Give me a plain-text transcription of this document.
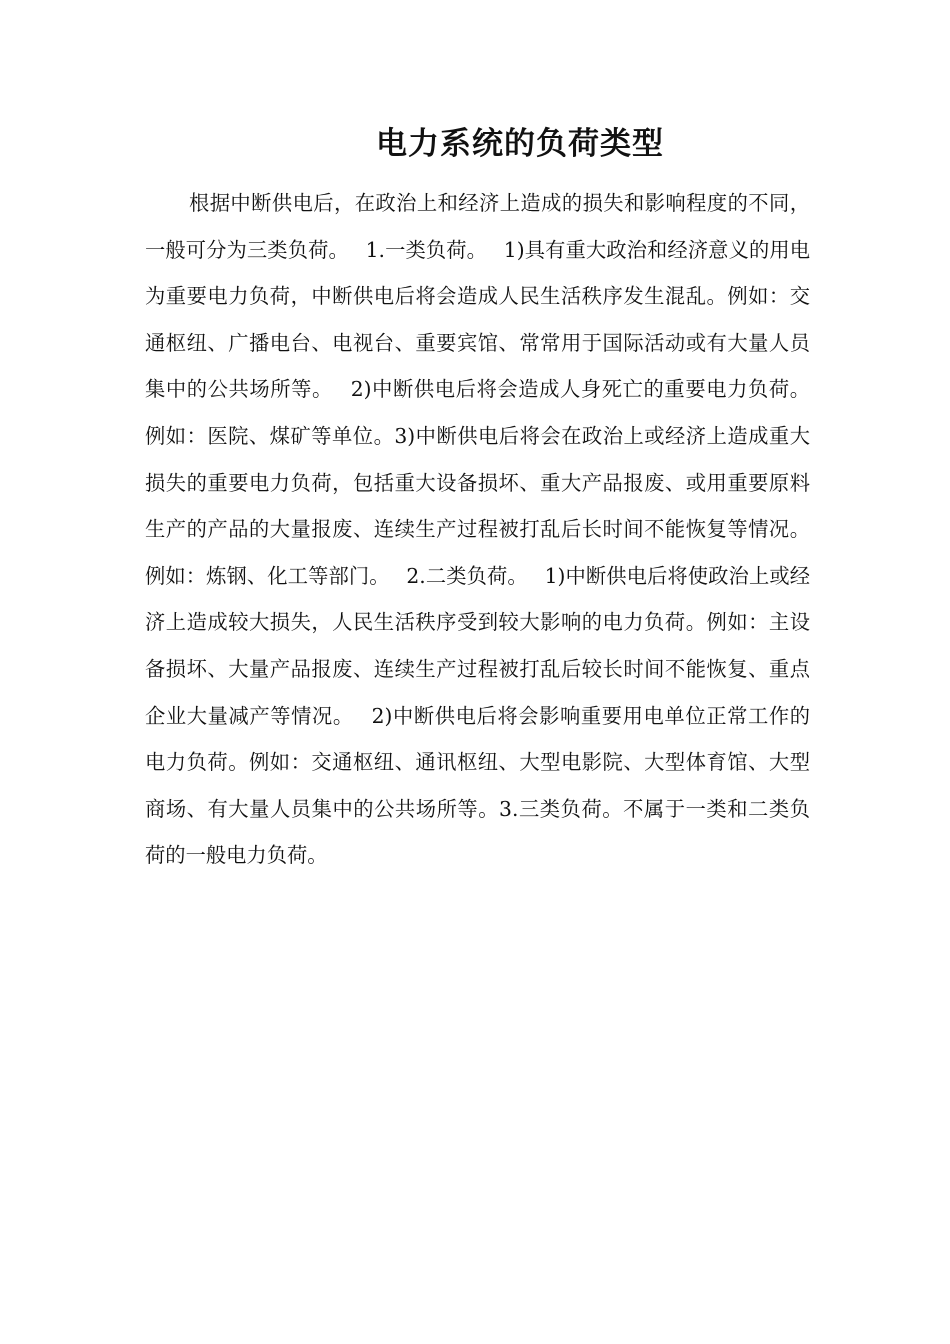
电力系统的负荷类型

根据中断供电后，在政治上和经济上造成的损失和影响程度的不同，一般可分为三类负荷。　 1.一类负荷。　 1)具有重大政治和经济意义的用电为重要电力负荷，中断供电后将会造成人民生活秩序发生混乱。例如：交通枢纽、广播电台、电视台、重要宾馆、常常用于国际活动或有大量人员集中的公共场所等。　 2)中断供电后将会造成人身死亡的重要电力负荷。例如：医院、煤矿等单位。3)中断供电后将会在政治上或经济上造成重大损失的重要电力负荷，包括重大设备损坏、重大产品报废、或用重要原料生产的产品的大量报废、连续生产过程被打乱后长时间不能恢复等情况。例如：炼钢、化工等部门。　 2.二类负荷。　 1)中断供电后将使政治上或经济上造成较大损失，人民生活秩序受到较大影响的电力负荷。例如：主设备损坏、大量产品报废、连续生产过程被打乱后较长时间不能恢复、重点企业大量减产等情况。　 2)中断供电后将会影响重要用电单位正常工作的电力负荷。例如：交通枢纽、通讯枢纽、大型电影院、大型体育馆、大型商场、有大量人员集中的公共场所等。3.三类负荷。不属于一类和二类负荷的一般电力负荷。
